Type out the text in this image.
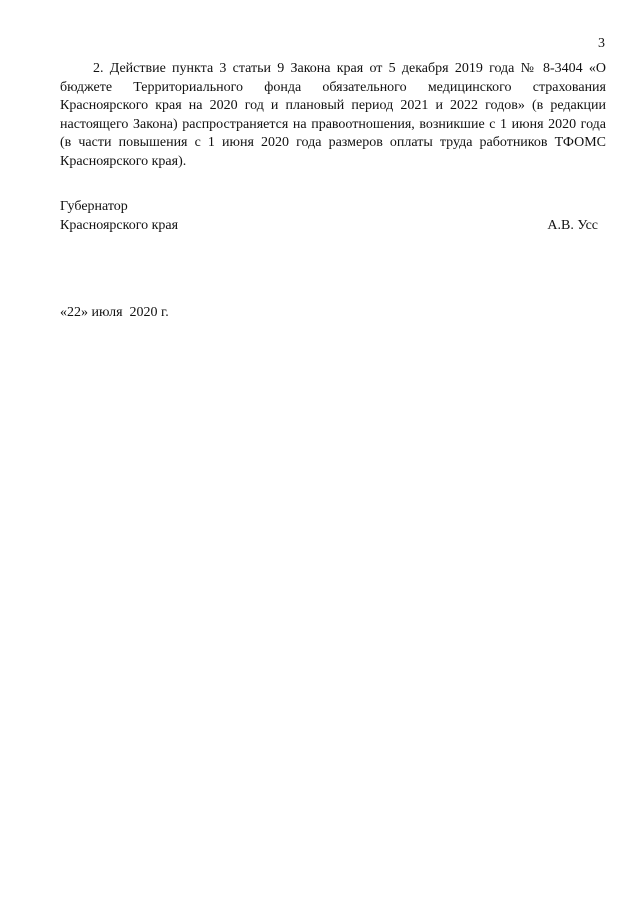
3

2. Действие пункта 3 статьи 9 Закона края от 5 декабря 2019 года № 8-3404 «О бюджете Территориального фонда обязательного медицинского страхования Красноярского края на 2020 год и плановый период 2021 и 2022 годов» (в редакции настоящего Закона) распространяется на правоотношения, возникшие с 1 июня 2020 года (в части повышения с 1 июня 2020 года размеров оплаты труда работников ТФОМС Красноярского края).

Губернатор
Красноярского края	А.В. Усс
«22» июля  2020 г.
